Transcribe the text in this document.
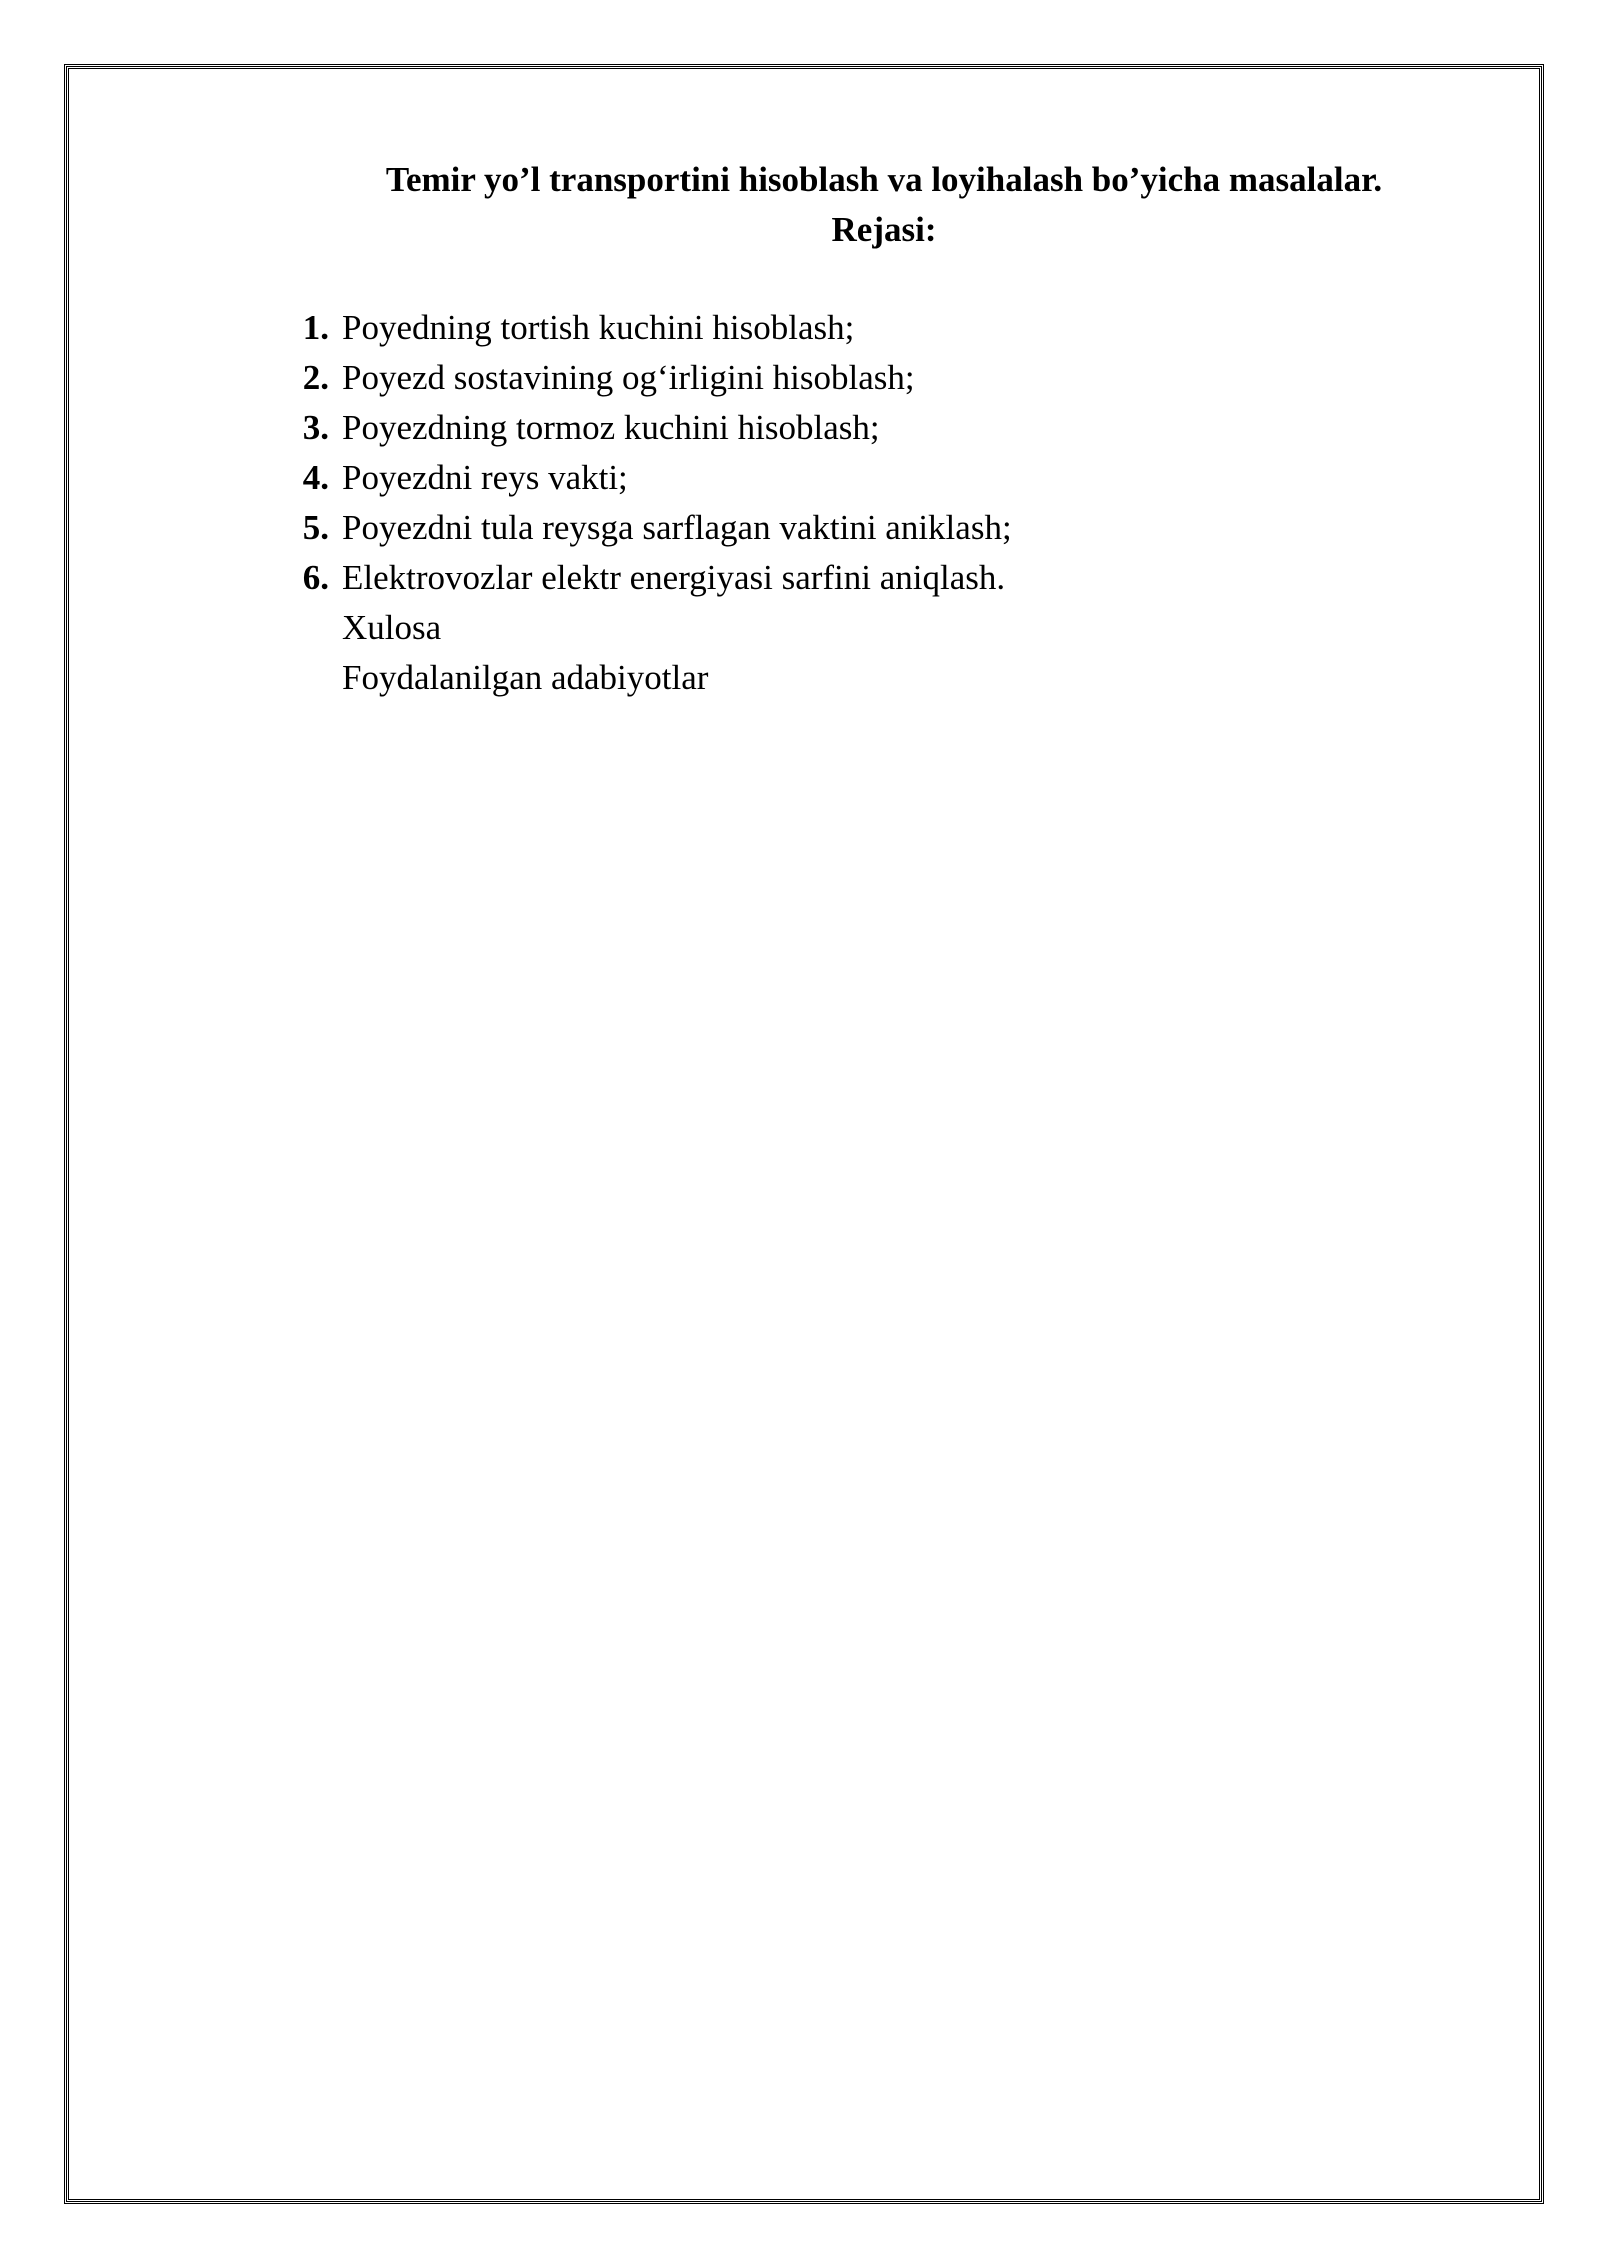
Temir yo’l transportini hisoblash va loyihalash bo’yicha masalalar.
Rejasi:
1. Poyedning tortish kuchini hisoblash;
2. Poyezd sostavining og‘irligini hisoblash;
3. Poyezdning tormoz kuchini hisoblash;
4. Poyezdni reys vakti;
5. Poyezdni tula reysga sarflagan vaktini aniklash;
6. Elektrovozlar elektr energiyasi sarfini aniqlash.
Xulosa
Foydalanilgan adabiyotlar
